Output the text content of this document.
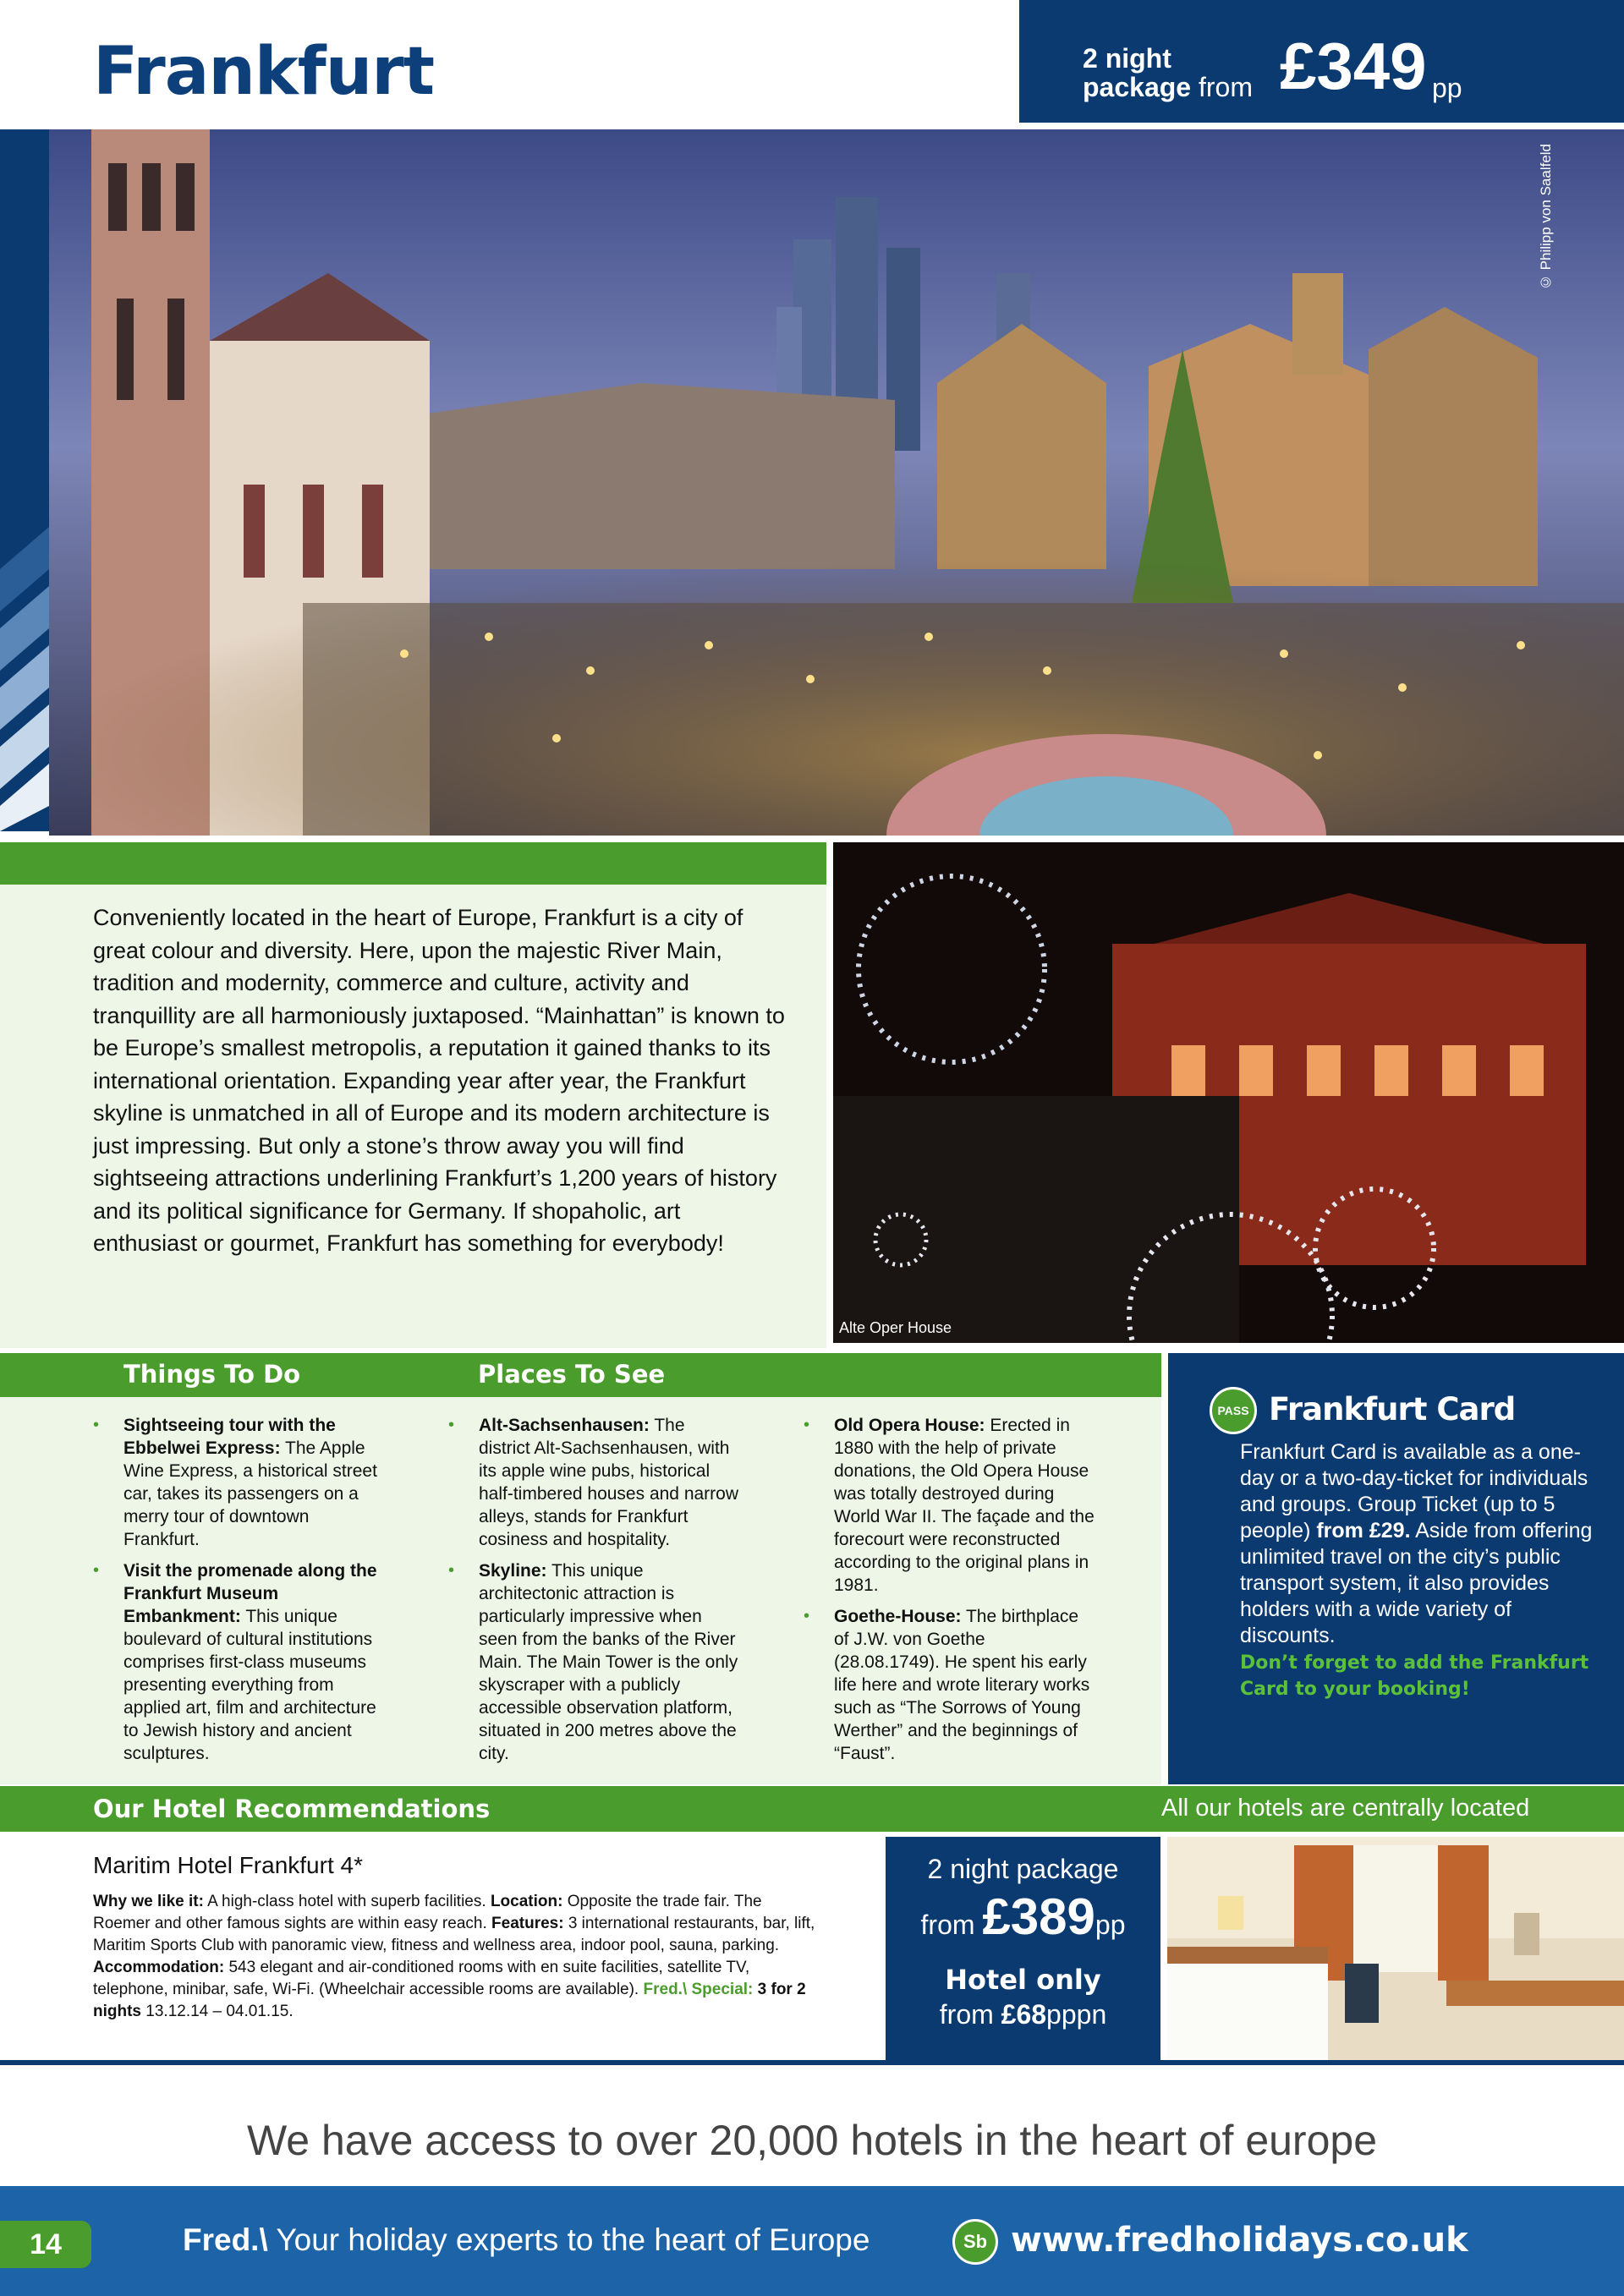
Frankfurt	2 night
package from £349 pp
© Philipp von Saalfeld
Conveniently located in the heart of Europe, Frankfurt is a city of great colour and diversity. Here, upon the majestic River Main, tradition and modernity, commerce and culture, activity and tranquillity are all harmoniously juxtaposed. “Mainhattan” is known to be Europe’s smallest metropolis, a reputation it gained thanks to its international orientation. Expanding year after year, the Frankfurt skyline is unmatched in all of Europe and its modern architecture is just impressing. But only a stone’s throw away you will find sightseeing attractions underlining Frankfurt’s 1,200 years of history and its political significance for Germany. If shopaholic, art enthusiast or gourmet, Frankfurt has something for everybody!
Alte Oper House
Things To Do	Places To See
• Sightseeing tour with the Ebbelwei Express: The Apple Wine Express, a historical street car, takes its passengers on a merry tour of downtown Frankfurt.
• Visit the promenade along the Frankfurt Museum Embankment: This unique boulevard of cultural institutions comprises first-class museums presenting everything from applied art, film and architecture to Jewish history and ancient sculptures.
• Alt-Sachsenhausen: The district Alt-Sachsenhausen, with its apple wine pubs, historical half-timbered houses and narrow alleys, stands for Frankfurt cosiness and hospitality.
• Skyline: This unique architectonic attraction is particularly impressive when seen from the banks of the River Main. The Main Tower is the only skyscraper with a publicly accessible observation platform, situated in 200 metres above the city.
• Old Opera House: Erected in 1880 with the help of private donations, the Old Opera House was totally destroyed during World War II. The façade and the forecourt were reconstructed according to the original plans in 1981.
• Goethe-House: The birthplace of J.W. von Goethe (28.08.1749). He spent his early life here and wrote literary works such as “The Sorrows of Young Werther” and the beginnings of “Faust”.
PASS Frankfurt Card
Frankfurt Card is available as a one-day or a two-day-ticket for individuals and groups. Group Ticket (up to 5 people) from £29. Aside from offering unlimited travel on the city’s public transport system, it also provides holders with a wide variety of discounts.
Don’t forget to add the Frankfurt Card to your booking!
Our Hotel Recommendations	All our hotels are centrally located
Maritim Hotel Frankfurt 4*
Why we like it: A high-class hotel with superb facilities. Location: Opposite the trade fair. The Roemer and other famous sights are within easy reach. Features: 3 international restaurants, bar, lift, Maritim Sports Club with panoramic view, fitness and wellness area, indoor pool, sauna, parking. Accommodation: 543 elegant and air-conditioned rooms with en suite facilities, satellite TV, telephone, minibar, safe, Wi-Fi. (Wheelchair accessible rooms are available). Fred.\ Special: 3 for 2 nights 13.12.14 – 04.01.15.
2 night package
from £389pp
Hotel only
from £68pppn
We have access to over 20,000 hotels in the heart of europe
14	Fred.\ Your holiday experts to the heart of Europe	Sb www.fredholidays.co.uk
